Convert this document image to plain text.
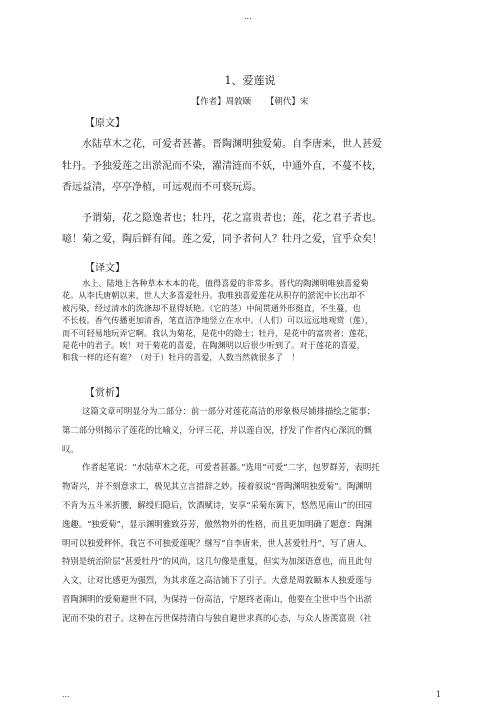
...
1、爱莲说
【作者】周敦颐 【朝代】宋
【原文】

水陆草木之花，可爱者甚蕃。晋陶渊明独爱菊。自李唐来，世人甚爱

牡丹。予独爱莲之出淤泥而不染，濯清涟而不妖，中通外直，不蔓不枝，

香远益清，亭亭净植，可远观而不可亵玩焉。

予谓菊，花之隐逸者也；牡丹，花之富贵者也；莲，花之君子者也。

噫！菊之爱，陶后鲜有闻。莲之爱，同予者何人？牡丹之爱，宜乎众矣！

【译文】

水上、陆地上各种草本木本的花，值得喜爱的非常多。晋代的陶渊明唯独喜爱菊

花。从李氏唐朝以来，世人大多喜爱牡丹。我唯独喜爱莲花从积存的淤泥中长出却不

被污染，经过清水的洗涤却不显得妖艳。（它的茎）中间贯通外形挺直，不生蔓，也

不长枝。香气传播更加清香，笔直洁净地竖立在水中。（人们）可以远远地观赏（莲），

而不可轻易地玩弄它啊。我认为菊花，是花中的隐士；牡丹，是花中的富贵者；莲花，

是花中的君子。唉！对于菊花的喜爱，在陶渊明以后很少听到了。对于莲花的喜爱，

和我一样的还有谁？（对于）牡丹的喜爱，人数当然就很多了　！

【赏析】

这篇文章可明显分为二部分：前一部分对莲花高洁的形象极尽铺排描绘之能事；

第二部分则揭示了莲花的比喻义，分评三花，并以莲自况，抒发了作者内心深沉的慨

叹。

作者起笔说：“水陆草木之花，可爱者甚蕃。”选用“可爱”二字，包罗群芳，表明托

物寄兴，并不刻意求工，极见其立言措辞之妙。接着叙说“晋陶渊明独爱菊”。陶渊明

不肯为五斗米折腰，解绶归隐后，饮酒赋诗，安享“采菊东篱下，悠然见南山”的田园

逸趣。“独爱菊”，显示渊明雅致芬芳，傲然物外的性格，而且更加明确了题意：陶渊

明可以独爱秤怀，我岂不可独爱莲呢？继写“自李唐来，世人甚爱牡丹”，写了唐人，

特别是统治阶层“甚爱牡丹”的风尚，这几句像是重复，但实为加深语意也，而且此句

入文，让对比感更为强烈，为其求莲之高洁铺下了引子。大意是周敦颐本人独爱莲与

晋陶渊明的爱菊避世不同，为保持一份高洁，宁愿终老南山，他要在尘世中当个出淤

泥而不染的君子。这种在污世保持清白与独自避世求真的心态，与众人皆羡富贵（社

1
...
